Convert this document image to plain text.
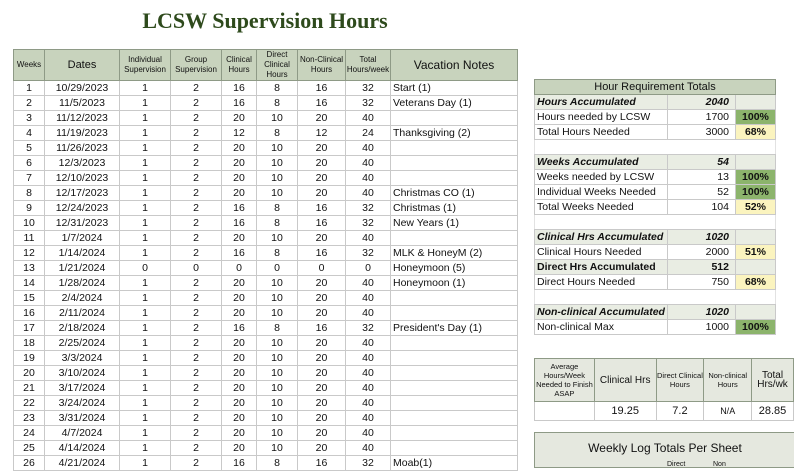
LCSW Supervision Hours
Weeks	Dates	Individual Supervision	Group Supervision	Clinical Hours	Direct Clinical Hours	Non-Clinical Hours	Total Hours/week	Vacation Notes
1	10/29/2023	1	2	16	8	16	32	Start (1)
2	11/5/2023	1	2	16	8	16	32	Veterans Day (1)
3	11/12/2023	1	2	20	10	20	40	
4	11/19/2023	1	2	12	8	12	24	Thanksgiving (2)
5	11/26/2023	1	2	20	10	20	40	
6	12/3/2023	1	2	20	10	20	40	
7	12/10/2023	1	2	20	10	20	40	
8	12/17/2023	1	2	20	10	20	40	Christmas CO (1)
9	12/24/2023	1	2	16	8	16	32	Christmas (1)
10	12/31/2023	1	2	16	8	16	32	New Years (1)
11	1/7/2024	1	2	20	10	20	40	
12	1/14/2024	1	2	16	8	16	32	MLK & HoneyM (2)
13	1/21/2024	0	0	0	0	0	0	Honeymoon (5)
14	1/28/2024	1	2	20	10	20	40	Honeymoon (1)
15	2/4/2024	1	2	20	10	20	40	
16	2/11/2024	1	2	20	10	20	40	
17	2/18/2024	1	2	16	8	16	32	President's Day (1)
18	2/25/2024	1	2	20	10	20	40	
19	3/3/2024	1	2	20	10	20	40	
20	3/10/2024	1	2	20	10	20	40	
21	3/17/2024	1	2	20	10	20	40	
22	3/24/2024	1	2	20	10	20	40	
23	3/31/2024	1	2	20	10	20	40	
24	4/7/2024	1	2	20	10	20	40	
25	4/14/2024	1	2	20	10	20	40	
26	4/21/2024	1	2	16	8	16	32	Moab(1)
Hour Requirement Totals		
Hours Accumulated	2040	
Hours needed by LCSW	1700	100%
Total Hours Needed	3000	68%

Weeks Accumulated	54	
Weeks needed by LCSW	13	100%
Individual Weeks Needed	52	100%
Total Weeks Needed	104	52%

Clinical Hrs Accumulated	1020	
Clinical Hours Needed	2000	51%
Direct Hrs Accumulated	512	
Direct Hours Needed	750	68%

Non-clinical Accumulated	1020	
Non-clinical Max	1000	100%
Average Hours/Week Needed to Finish ASAP	Clinical Hrs	Direct Clinical Hours	Non-clinical Hours	Total Hrs/wk
	19.25	7.2	N/A	28.85
Weekly Log Totals Per Sheet
Direct	Non
